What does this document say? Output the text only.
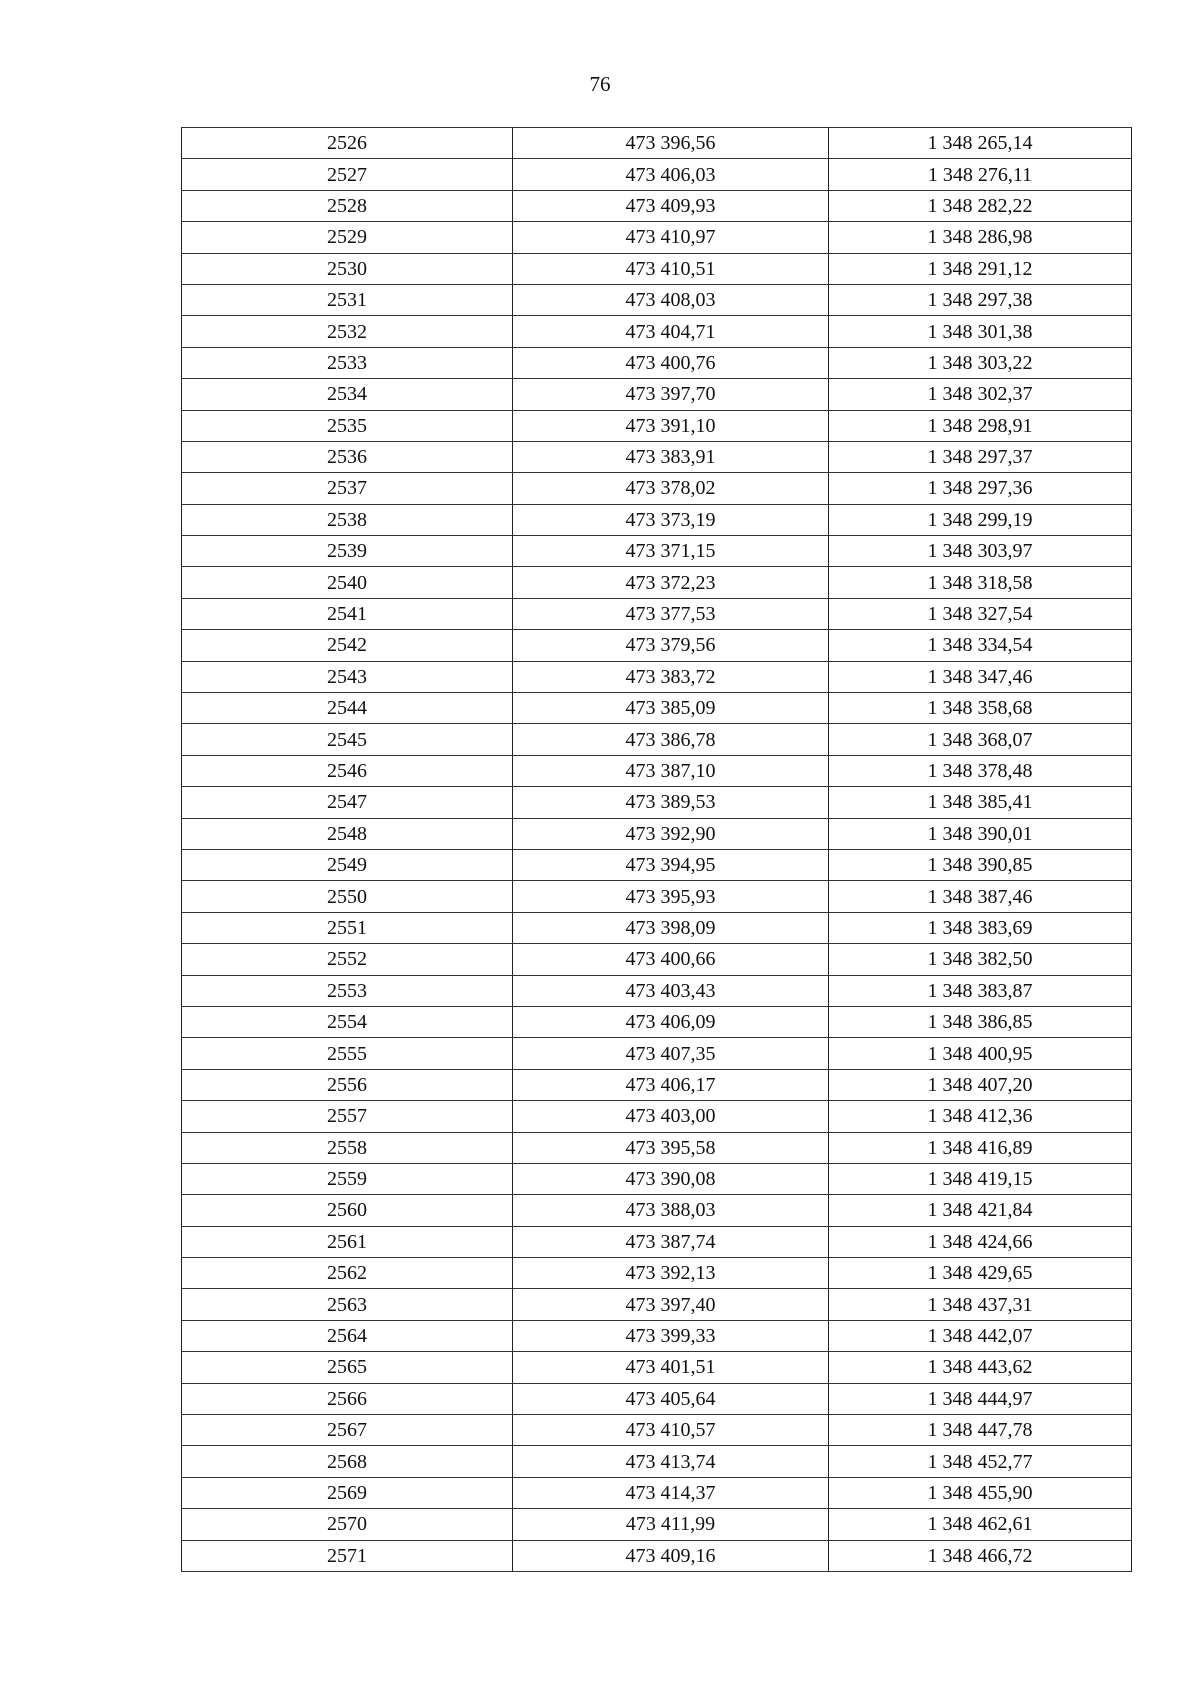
76
2526	473 396,56	1 348 265,14
2527	473 406,03	1 348 276,11
2528	473 409,93	1 348 282,22
2529	473 410,97	1 348 286,98
2530	473 410,51	1 348 291,12
2531	473 408,03	1 348 297,38
2532	473 404,71	1 348 301,38
2533	473 400,76	1 348 303,22
2534	473 397,70	1 348 302,37
2535	473 391,10	1 348 298,91
2536	473 383,91	1 348 297,37
2537	473 378,02	1 348 297,36
2538	473 373,19	1 348 299,19
2539	473 371,15	1 348 303,97
2540	473 372,23	1 348 318,58
2541	473 377,53	1 348 327,54
2542	473 379,56	1 348 334,54
2543	473 383,72	1 348 347,46
2544	473 385,09	1 348 358,68
2545	473 386,78	1 348 368,07
2546	473 387,10	1 348 378,48
2547	473 389,53	1 348 385,41
2548	473 392,90	1 348 390,01
2549	473 394,95	1 348 390,85
2550	473 395,93	1 348 387,46
2551	473 398,09	1 348 383,69
2552	473 400,66	1 348 382,50
2553	473 403,43	1 348 383,87
2554	473 406,09	1 348 386,85
2555	473 407,35	1 348 400,95
2556	473 406,17	1 348 407,20
2557	473 403,00	1 348 412,36
2558	473 395,58	1 348 416,89
2559	473 390,08	1 348 419,15
2560	473 388,03	1 348 421,84
2561	473 387,74	1 348 424,66
2562	473 392,13	1 348 429,65
2563	473 397,40	1 348 437,31
2564	473 399,33	1 348 442,07
2565	473 401,51	1 348 443,62
2566	473 405,64	1 348 444,97
2567	473 410,57	1 348 447,78
2568	473 413,74	1 348 452,77
2569	473 414,37	1 348 455,90
2570	473 411,99	1 348 462,61
2571	473 409,16	1 348 466,72
